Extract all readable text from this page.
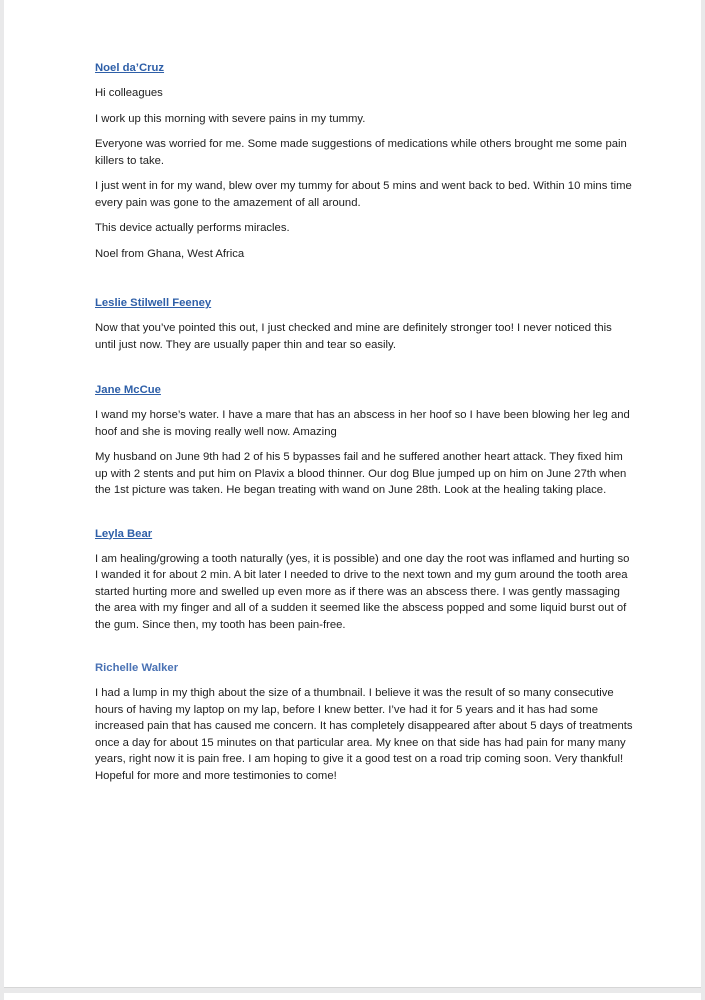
Noel da’Cruz

Hi colleagues

I work up this morning with severe pains in my tummy.

Everyone was worried for me. Some made suggestions of medications while others brought me some pain killers to take.

I just went in for my wand, blew over my tummy for about 5 mins and went back to bed. Within 10 mins time every pain was gone to the amazement of all around.

This device actually performs miracles.

Noel from Ghana, West Africa

Leslie Stilwell Feeney

Now that you’ve pointed this out, I just checked and mine are definitely stronger too! I never noticed this until just now. They are usually paper thin and tear so easily.

Jane McCue

I wand my horse’s water. I have a mare that has an abscess in her hoof so I have been blowing her leg and hoof and she is moving really well now. Amazing

My husband on June 9th had 2 of his 5 bypasses fail and he suffered another heart attack. They fixed him up with 2 stents and put him on Plavix a blood thinner. Our dog Blue jumped up on him on June 27th when the 1st picture was taken. He began treating with wand on June 28th. Look at the healing taking place.

Leyla Bear

I am healing/growing a tooth naturally (yes, it is possible) and one day the root was inflamed and hurting so I wanded it for about 2 min. A bit later I needed to drive to the next town and my gum around the tooth area started hurting more and swelled up even more as if there was an abscess there. I was gently massaging the area with my finger and all of a sudden it seemed like the abscess popped and some liquid burst out of the gum. Since then, my tooth has been pain-free.

Richelle Walker

I had a lump in my thigh about the size of a thumbnail. I believe it was the result of so many consecutive hours of having my laptop on my lap, before I knew better. I’ve had it for 5 years and it has had some increased pain that has caused me concern. It has completely disappeared after about 5 days of treatments once a day for about 15 minutes on that particular area. My knee on that side has had pain for many many years, right now it is pain free. I am hoping to give it a good test on a road trip coming soon. Very thankful! Hopeful for more and more testimonies to come!
